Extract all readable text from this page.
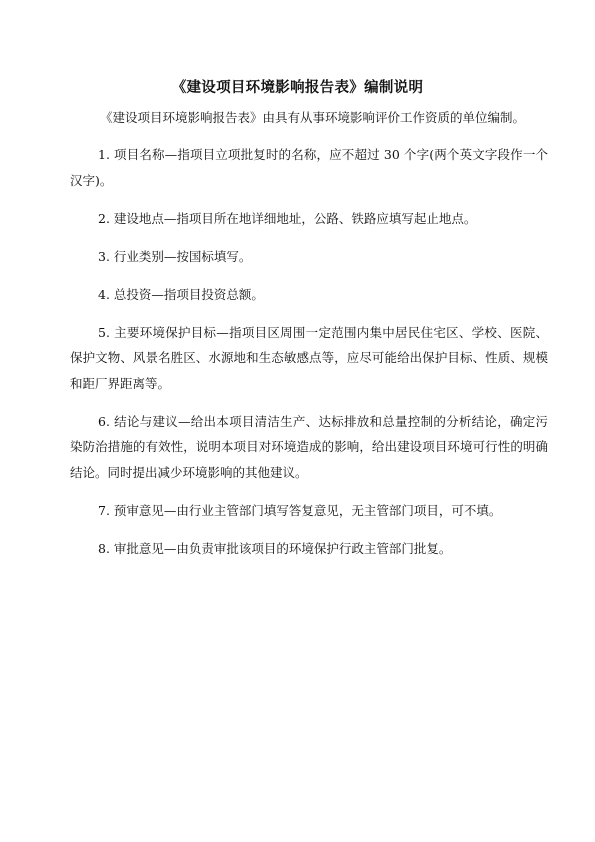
《建设项目环境影响报告表》编制说明
《建设项目环境影响报告表》由具有从事环境影响评价工作资质的单位编制。

1. 项目名称—指项目立项批复时的名称，应不超过 30 个字(两个英文字段作一个汉字)。

2. 建设地点—指项目所在地详细地址，公路、铁路应填写起止地点。

3. 行业类别—按国标填写。

4. 总投资—指项目投资总额。

5. 主要环境保护目标—指项目区周围一定范围内集中居民住宅区、学校、医院、保护文物、风景名胜区、水源地和生态敏感点等，应尽可能给出保护目标、性质、规模和距厂界距离等。

6. 结论与建议—给出本项目清洁生产、达标排放和总量控制的分析结论，确定污染防治措施的有效性，说明本项目对环境造成的影响，给出建设项目环境可行性的明确结论。同时提出减少环境影响的其他建议。

7. 预审意见—由行业主管部门填写答复意见，无主管部门项目，可不填。

8. 审批意见—由负责审批该项目的环境保护行政主管部门批复。
